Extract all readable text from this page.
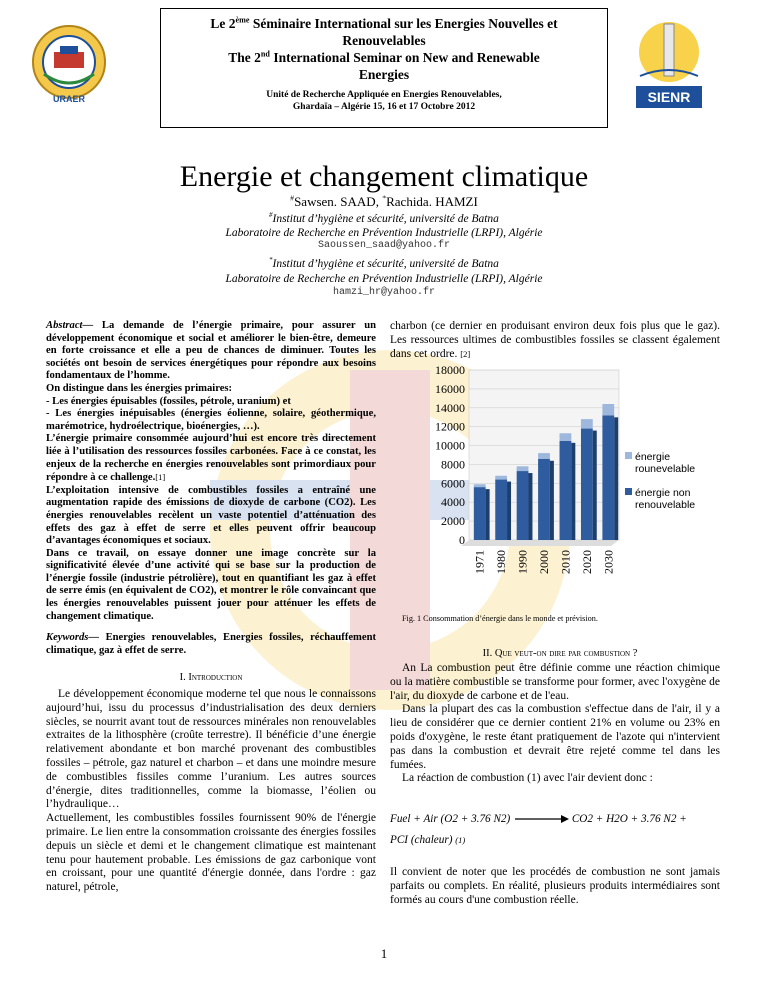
URAER
Le 2ème Séminaire International sur les Energies Nouvelles et
Renouvelables
The 2nd International Seminar on New and Renewable
Energies
Unité de Recherche Appliquée en Energies Renouvelables,
Ghardaïa – Algérie 15, 16 et 17 Octobre 2012
SIENR
Energie et changement climatique
#Sawsen. SAAD, *Rachida. HAMZI
#Institut d’hygiène et sécurité, université de Batna
Laboratoire de Recherche en Prévention Industrielle (LRPI), Algérie
Saoussen_saad@yahoo.fr
*Institut d’hygiène et sécurité, université de Batna
Laboratoire de Recherche en Prévention Industrielle (LRPI), Algérie
hamzi_hr@yahoo.fr

Abstract— La demande de l’énergie primaire, pour assurer un développement économique et social et améliorer le bien-être, demeure en forte croissance et elle a peu de chances de diminuer. Toutes les sociétés ont besoin de services énergétiques pour répondre aux besoins fondamentaux de l’homme.

On distingue dans les énergies primaires:

- Les énergies épuisables (fossiles, pétrole, uranium) et

- Les énergies inépuisables (énergies éolienne, solaire, géothermique, marémotrice, hydroélectrique, bioénergies, …).

L’énergie primaire consommée aujourd’hui est encore très directement liée à l’utilisation des ressources fossiles carbonées. Face à ce constat, les enjeux de la recherche en énergies renouvelables sont primordiaux pour répondre à ce challenge.[1]

L’exploitation intensive de combustibles fossiles a entraîné une augmentation rapide des émissions de dioxyde de carbone (CO2). Les énergies renouvelables recèlent un vaste potentiel d’atténuation des effets des gaz à effet de serre et elles peuvent offrir beaucoup d’avantages économiques et sociaux.

Dans ce travail, on essaye donner une image concrète sur la significativité élevée d’une activité qui se base sur la production de l’énergie fossile (industrie pétrolière), tout en quantifiant les gaz à effet de serre émis (en équivalent de CO2), et montrer le rôle convaincant que les énergies renouvelables puissent jouer pour atténuer les effets de changement climatique.

Keywords— Energies renouvelables, Energies fossiles, réchauffement climatique, gaz à effet de serre.
I. Introduction

Le développement économique moderne tel que nous le connaissons aujourd’hui, issu du processus d’industrialisation des deux derniers siècles, se nourrit avant tout de ressources minérales non renouvelables extraites de la lithosphère (croûte terrestre). Il bénéficie d’une énergie relativement abondante et bon marché provenant des combustibles fossiles – pétrole, gaz naturel et charbon – et dans une moindre mesure de combustibles fissiles comme l’uranium. Les autres sources d’énergie, dites traditionnelles, comme la biomasse, l’éolien ou l’hydraulique…

Actuellement, les combustibles fossiles fournissent 90% de l'énergie primaire. Le lien entre la consommation croissante des énergies fossiles depuis un siècle et demi et le changement climatique est maintenant tenu pour hautement probable. Les émissions de gaz carbonique vont en croissant, pour une quantité d'énergie donnée, dans l'ordre : gaz naturel, pétrole,

charbon (ce dernier en produisant environ deux fois plus que le gaz). Les ressources ultimes de combustibles fossiles se classent également dans cet ordre. [2]
0
2000
4000
6000
8000
10000
12000
14000
16000
18000
1971 1980 1990 2000 2010 2020 2030
énergie
rounevelable
énergie non
renouvelable
Fig. 1 Consommation d’énergie dans le monde et prévision.
II. Que veut-on dire par combustion ?

An La combustion peut être définie comme une réaction chimique ou la matière combustible se transforme pour former, avec l'oxygène de l'air, du dioxyde de carbone et de l'eau.

Dans la plupart des cas la combustion s'effectue dans de l'air, il y a lieu de considérer que ce dernier contient 21% en volume ou 23% en poids d'oxygène, le reste étant pratiquement de l'azote qui n'intervient pas dans la combustion et devrait être rejeté comme tel dans les fumées.

La réaction de combustion (1) avec l'air devient donc :

Fuel + Air (O2 + 3.76 N2)	CO2 + H2O + 3.76 N2 +
PCI (chaleur) (1)
Il convient de noter que les procédés de combustion ne sont jamais parfaits ou complets. En réalité, plusieurs produits intermédiaires sont formés au cours d'une combustion réelle.
1
